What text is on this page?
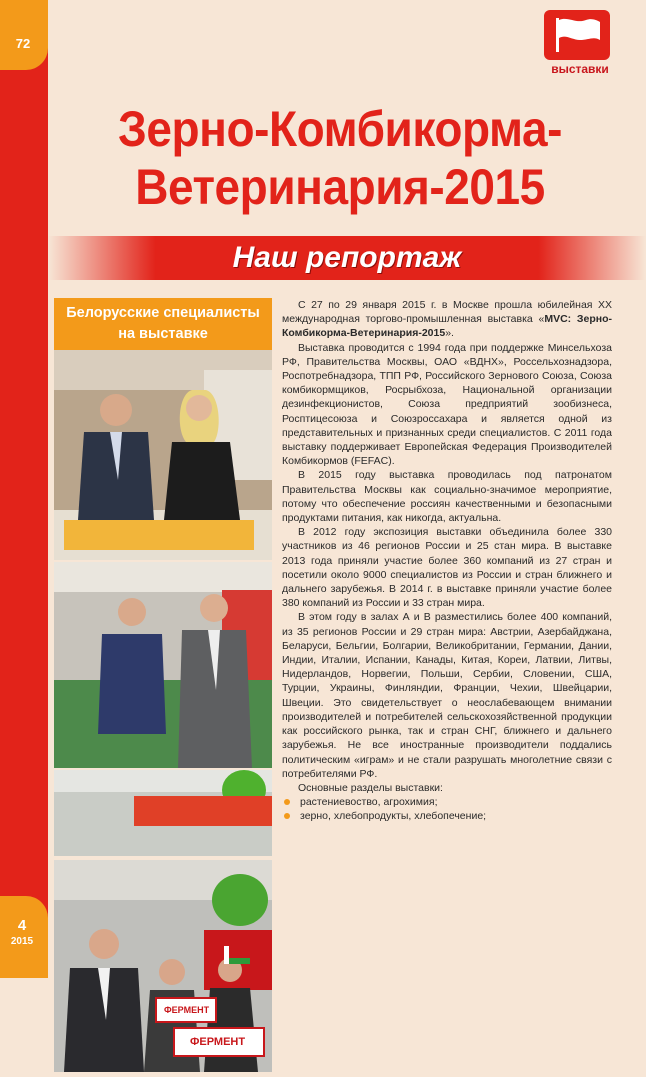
72
4
2015
выставки
Зерно-Комбикорма-
Ветеринария-2015
Наш репортаж
Белорусские специалисты
на выставке
ФЕРМЕНТ
ФЕРМЕНТ

С 27 по 29 января 2015 г. в Москве прошла юбилейная XX международная торгово-промышленная выставка «MVC: Зерно-Комбикорма-Ветеринария-2015».

Выставка проводится с 1994 года при поддержке Минсельхоза РФ, Правительства Москвы, ОАО «ВДНХ», Россельхознадзора, Роспотребнадзора, ТПП РФ, Российского Зернового Союза, Союза комбикормщиков, Росрыбхоза, Национальной организации дезинфекционистов, Союза предприятий зообизнеса, Росптицесоюза и Союзроссахара и является одной из представительных и признанных среди специалистов. С 2011 года выставку поддерживает Европейская Федерация Производителей Комбикормов (FEFAC).

В 2015 году выставка проводилась под патронатом Правительства Москвы как социально-значимое мероприятие, потому что обеспечение россиян качественными и безопасными продуктами питания, как никогда, актуальна.

В 2012 году экспозиция выставки объединила более 330 участников из 46 регионов России и 25 стан мира. В выставке 2013 года приняли участие более 360 компаний из 27 стран и посетили около 9000 специалистов из России и стран ближнего и дальнего зарубежья. В 2014 г. в выставке приняли участие более 380 компаний из России и 33 стран мира.

В этом году в залах А и В разместились более 400 компаний, из 35 регионов России и 29 стран мира: Австрии, Азербайджана, Беларуси, Бельгии, Болгарии, Великобритании, Германии, Дании, Индии, Италии, Испании, Канады, Китая, Кореи, Латвии, Литвы, Нидерландов, Норвегии, Польши, Сербии, Словении, США, Турции, Украины, Финляндии, Франции, Чехии, Швейцарии, Швеции. Это свидетельствует о неослабевающем внимании производителей и потребителей сельскохозяйственной продукции как российского рынка, так и стран СНГ, ближнего и дальнего зарубежья. Не все иностранные производители поддались политическим «играм» и не стали разрушать многолетние связи с потребителями РФ.

Основные разделы выставки:

растениевоство, агрохимия;
зерно, хлебопродукты, хлебопечение;
